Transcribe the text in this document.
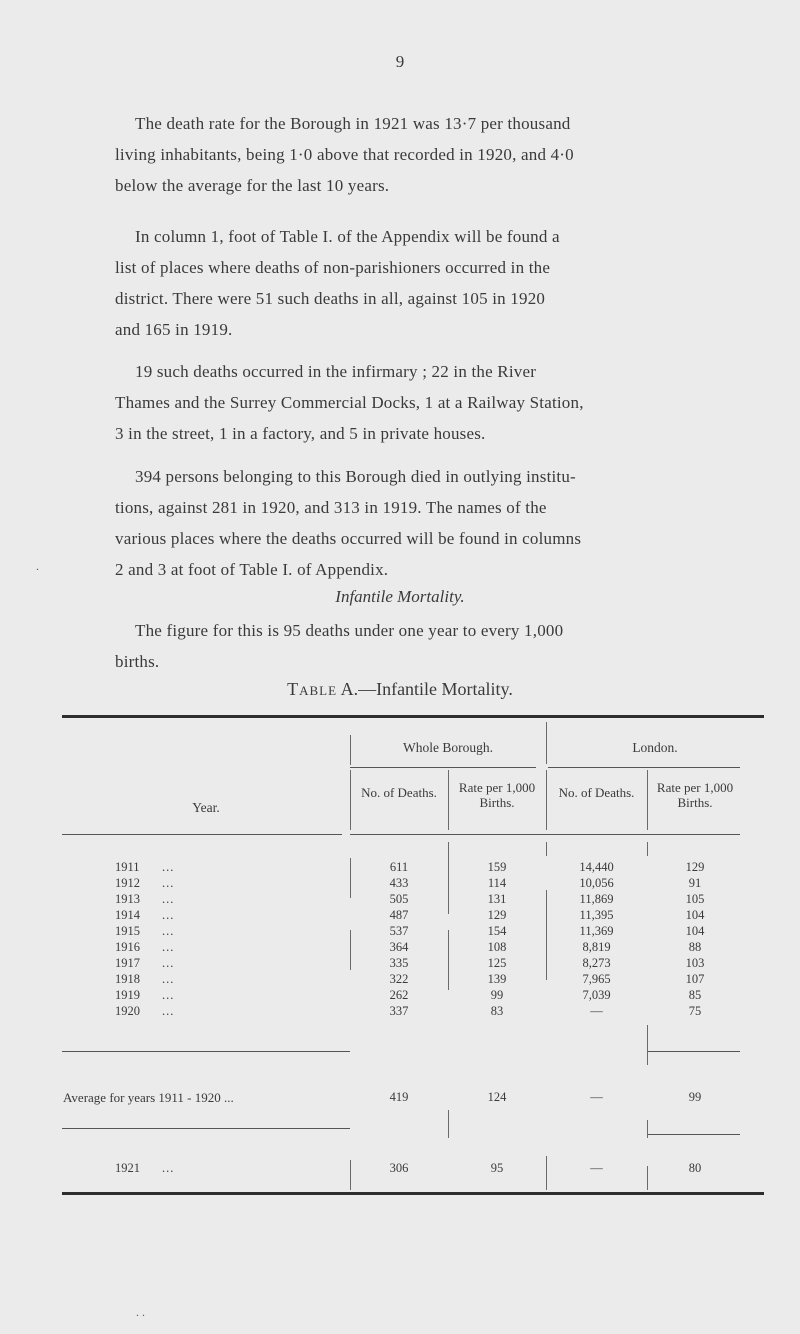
9

The death rate for the Borough in 1921 was 13·7 per thousand
living inhabitants, being 1·0 above that recorded in 1920, and 4·0
below the average for the last 10 years.

In column 1, foot of Table I. of the Appendix will be found a
list of places where deaths of non-parishioners occurred in the
district. There were 51 such deaths in all, against 105 in 1920
and 165 in 1919.

19 such deaths occurred in the infirmary ; 22 in the River
Thames and the Surrey Commercial Docks, 1 at a Railway Station,
3 in the street, 1 in a factory, and 5 in private houses.

394 persons belonging to this Borough died in outlying institu-
tions, against 281 in 1920, and 313 in 1919. The names of the
various places where the deaths occurred will be found in columns
2 and 3 at foot of Table I. of Appendix.

Infantile Mortality.

The figure for this is 95 deaths under one year to every 1,000
births.

Table A.—Infantile Mortality.
Whole Borough.	London.
Year.
No. of Deaths.	Rate per 1,000 Births.
No. of Deaths.	Rate per 1,000 Births.
1911 ...	611	159	14,440	129
1912 ...	433	114	10,056	91
1913 ...	505	131	11,869	105
1914 ...	487	129	11,395	104
1915 ...	537	154	11,369	104
1916 ...	364	108	8,819	88
1917 ...	335	125	8,273	103
1918 ...	322	139	7,965	107
1919 ...	262	99	7,039	85
1920 ...	337	83	—	75
Average for years 1911 - 1920 ...	419	124	—	99
1921 ...	306	95	—	80
.
. .
